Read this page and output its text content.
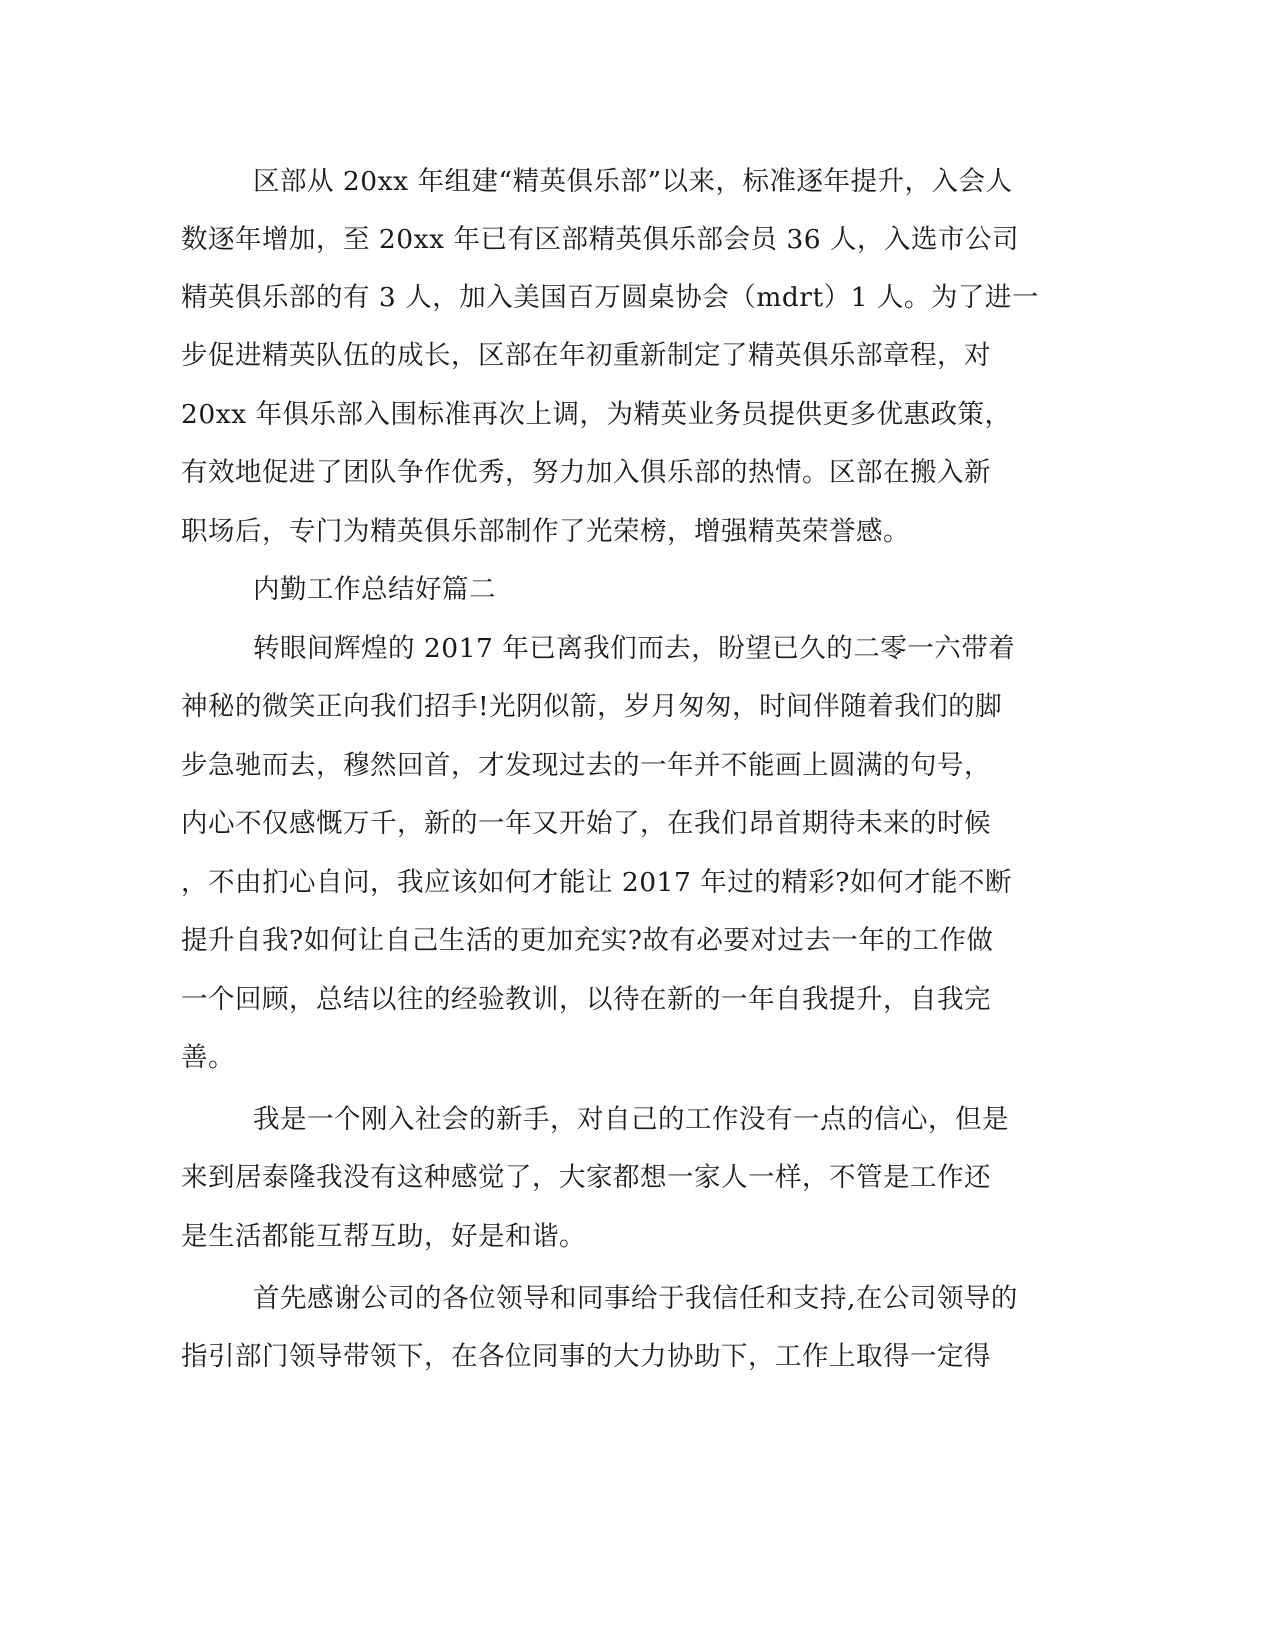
区部从 20xx 年组建“精英俱乐部”以来，标准逐年提升，入会人
数逐年增加，至 20xx 年已有区部精英俱乐部会员 36 人，入选市公司
精英俱乐部的有 3 人，加入美国百万圆桌协会（mdrt）1 人。为了进一
步促进精英队伍的成长，区部在年初重新制定了精英俱乐部章程，对
20xx 年俱乐部入围标准再次上调，为精英业务员提供更多优惠政策，
有效地促进了团队争作优秀，努力加入俱乐部的热情。区部在搬入新
职场后，专门为精英俱乐部制作了光荣榜，增强精英荣誉感。
内勤工作总结好篇二
转眼间辉煌的 2017 年已离我们而去，盼望已久的二零一六带着
神秘的微笑正向我们招手!光阴似箭，岁月匆匆，时间伴随着我们的脚
步急驰而去，穆然回首，才发现过去的一年并不能画上圆满的句号，
内心不仅感慨万千，新的一年又开始了，在我们昂首期待未来的时候
，不由扪心自问，我应该如何才能让 2017 年过的精彩?如何才能不断
提升自我?如何让自己生活的更加充实?故有必要对过去一年的工作做
一个回顾，总结以往的经验教训，以待在新的一年自我提升，自我完
善。
我是一个刚入社会的新手，对自己的工作没有一点的信心，但是
来到居泰隆我没有这种感觉了，大家都想一家人一样，不管是工作还
是生活都能互帮互助，好是和谐。
首先感谢公司的各位领导和同事给于我信任和支持,在公司领导的
指引部门领导带领下，在各位同事的大力协助下，工作上取得一定得
